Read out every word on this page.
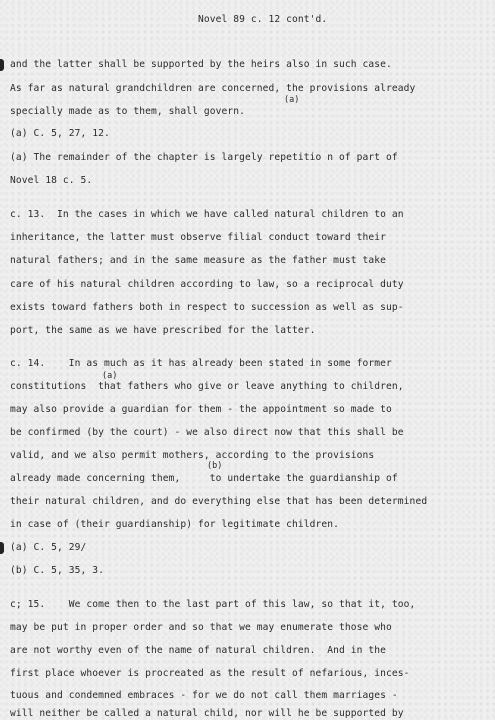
Novel 89 c. 12 cont'd.
and the latter shall be supported by the heirs also in such case.
As far as natural grandchildren are concerned, the provisions already
(a)
specially made as to them, shall govern.
(a) C. 5, 27, 12.
(a) The remainder of the chapter is largely repetitio n of part of
Novel 18 c. 5.
c. 13.  In the cases in which we have called natural children to an
inheritance, the latter must observe filial conduct toward their
natural fathers; and in the same measure as the father must take
care of his natural children according to law, so a reciprocal duty
exists toward fathers both in respect to succession as well as sup-
port, the same as we have prescribed for the latter.
c. 14.    In as much as it has already been stated in some former
(a)
constitutions  that fathers who give or leave anything to children,
may also provide a guardian for them - the appointment so made to
be confirmed (by the court) - we also direct now that this shall be
valid, and we also permit mothers, according to the provisions
(b)
already made concerning them,     to undertake the guardianship of
their natural children, and do everything else that has been determined
in case of (their guardianship) for legitimate children.
(a) C. 5, 29/
(b) C. 5, 35, 3.
c; 15.    We come then to the last part of this law, so that it, too,
may be put in proper order and so that we may enumerate those who
are not worthy even of the name of natural children.  And in the
first place whoever is procreated as the result of nefarious, inces-
tuous and condemned embraces - for we do not call them marriages -
will neither be called a natural child, nor will he be supported by
